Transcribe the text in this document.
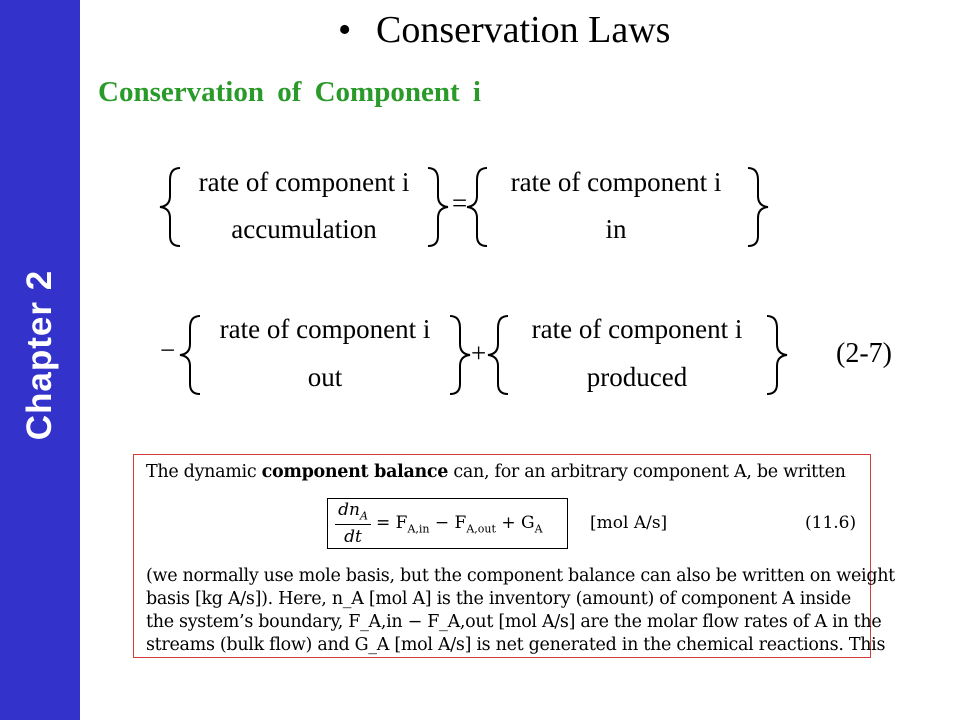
Chapter 2
• Conservation Laws
Conservation of Component i
rate of component i
accumulation
=
rate of component i
in
−
rate of component i
out
+
rate of component i
produced
(2-7)
The dynamic component balance can, for an arbitrary component A, be written
$dn_A$
dt
= $F_{A,in} - F_{A,out} + G_A$	[mol A/s]	(11.6)
(we normally use mole basis, but the component balance can also be written on weight
basis [kg A/s]). Here, n_A [mol A] is the inventory (amount) of component A inside
the system’s boundary, F_A,in − F_A,out [mol A/s] are the molar flow rates of A in the
streams (bulk flow) and G_A [mol A/s] is net generated in the chemical reactions. This
